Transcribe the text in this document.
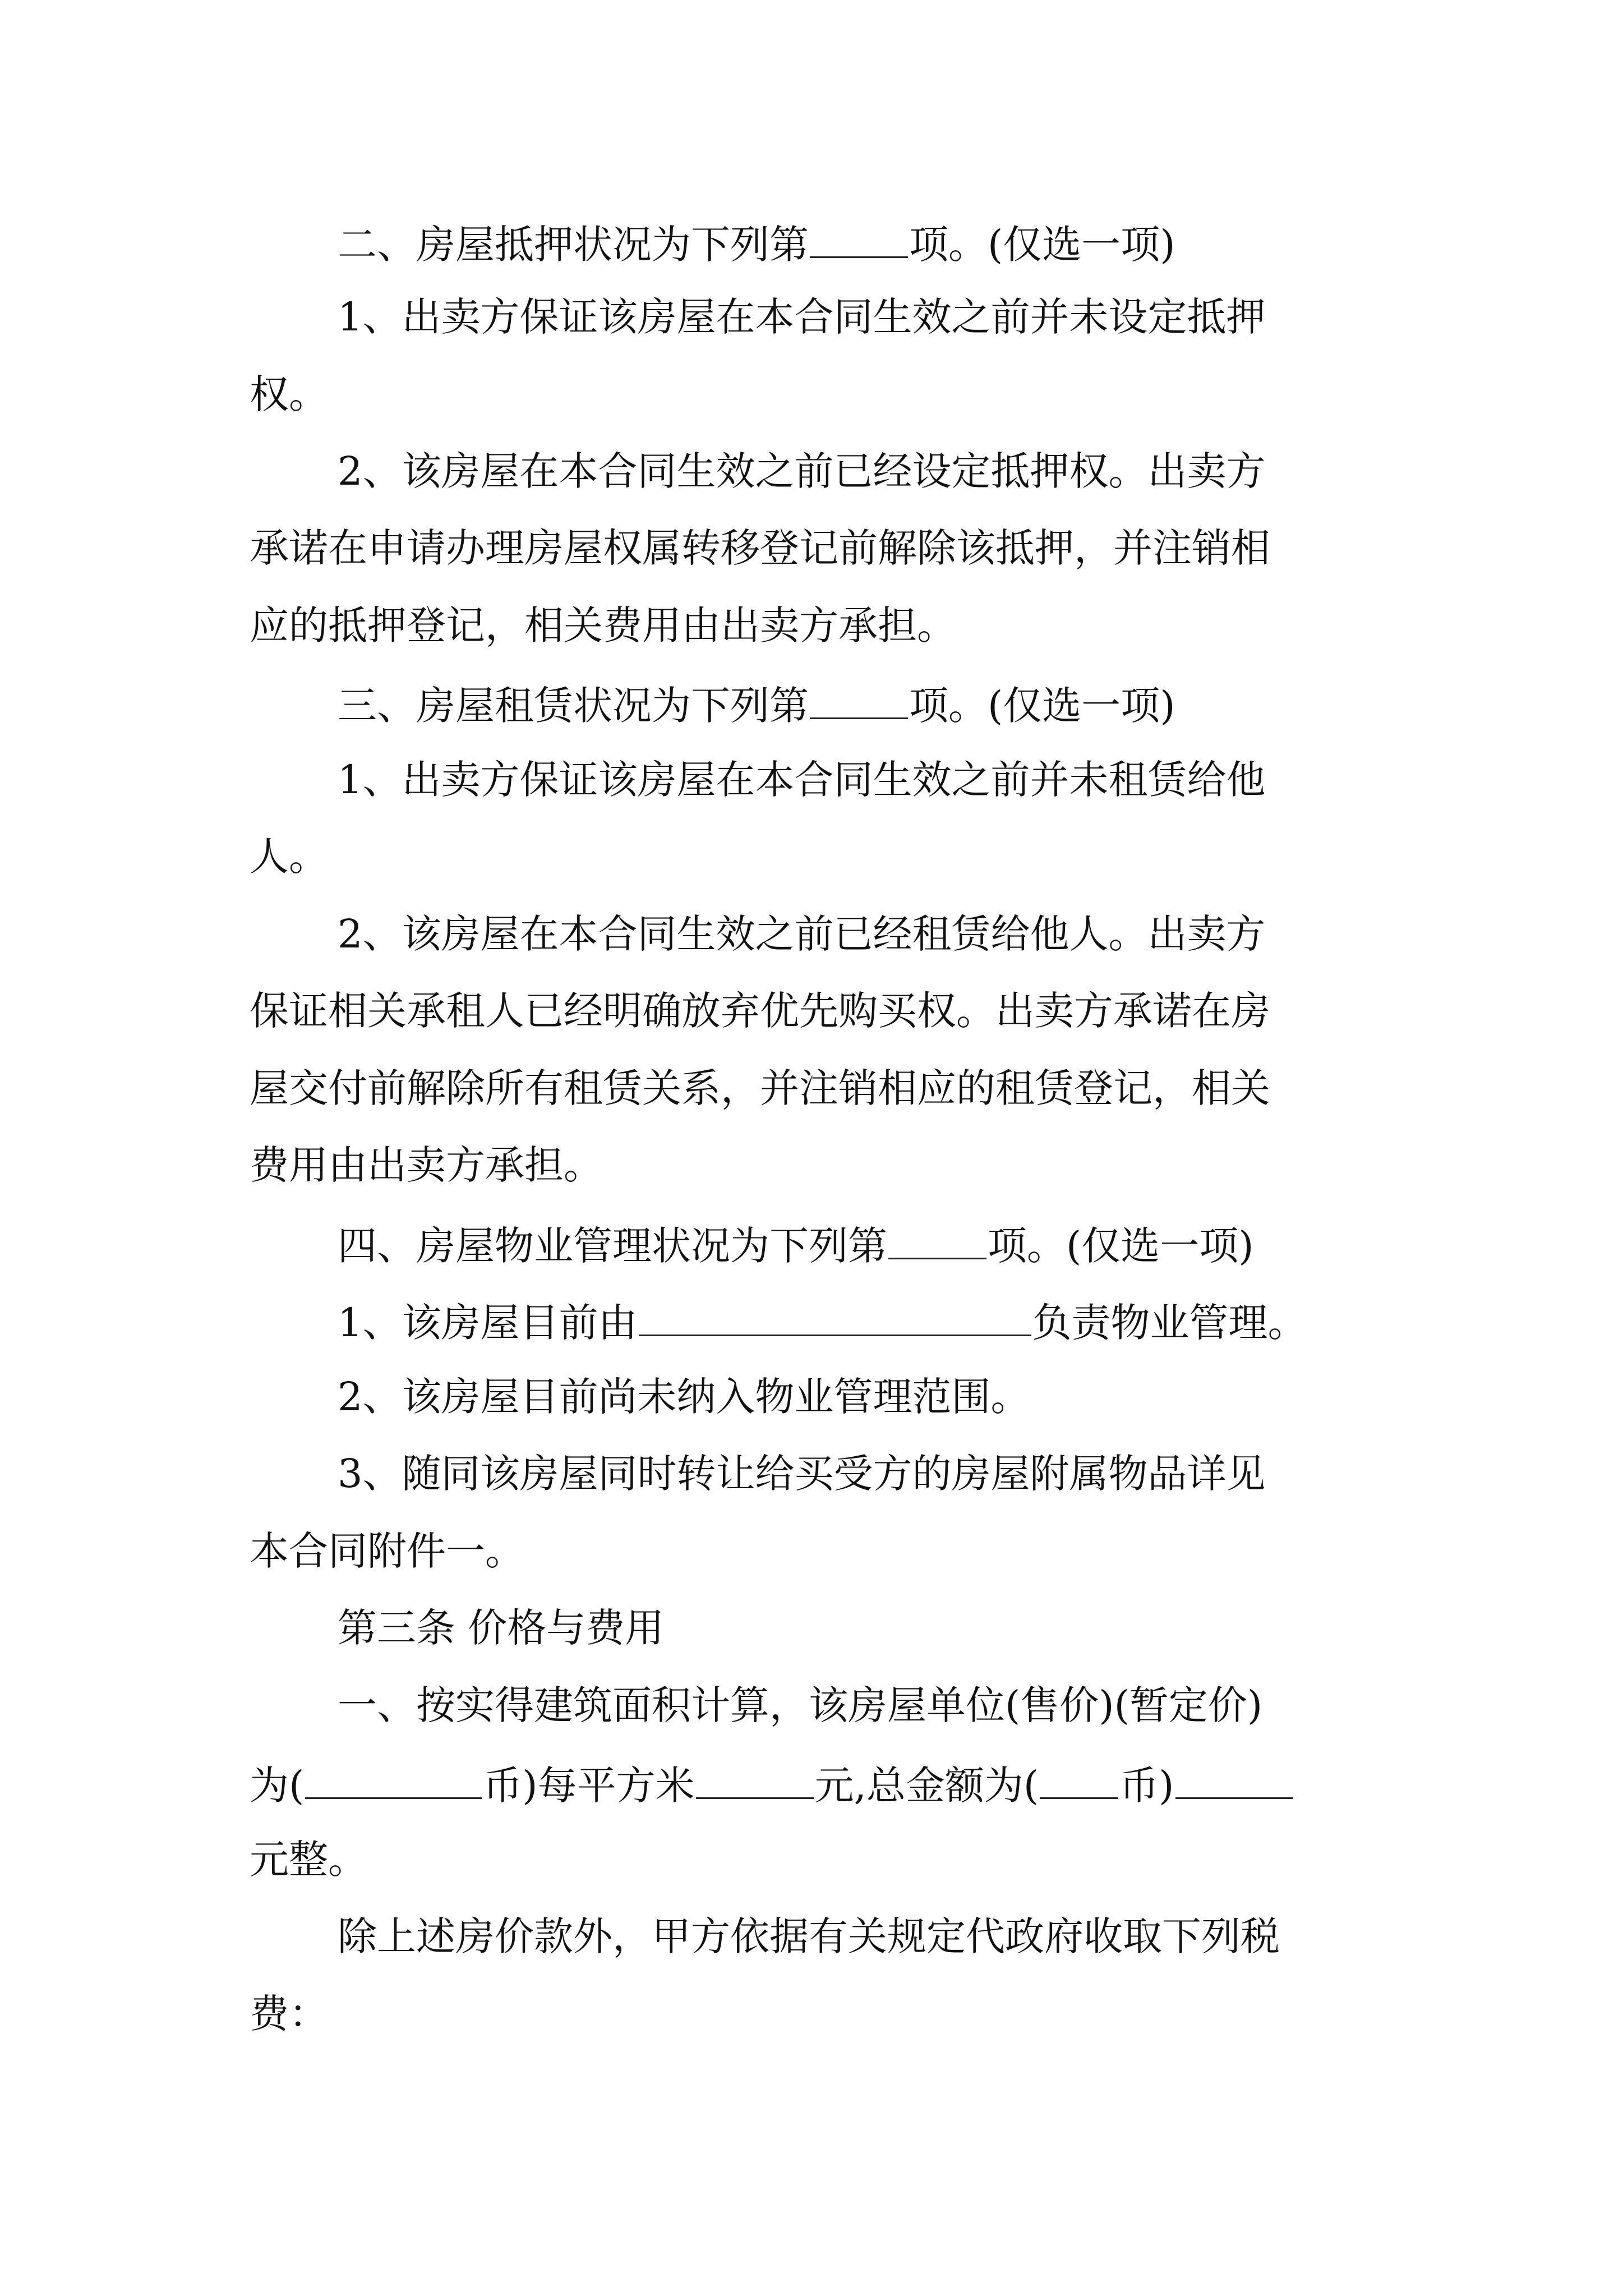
二、房屋抵押状况为下列第	项。(仅选一项)
1、出卖方保证该房屋在本合同生效之前并未设定抵押
权。
2、该房屋在本合同生效之前已经设定抵押权。出卖方
承诺在申请办理房屋权属转移登记前解除该抵押，并注销相
应的抵押登记，相关费用由出卖方承担。
三、房屋租赁状况为下列第	项。(仅选一项)
1、出卖方保证该房屋在本合同生效之前并未租赁给他
人。
2、该房屋在本合同生效之前已经租赁给他人。出卖方
保证相关承租人已经明确放弃优先购买权。出卖方承诺在房
屋交付前解除所有租赁关系，并注销相应的租赁登记，相关
费用由出卖方承担。
四、房屋物业管理状况为下列第	项。(仅选一项)
1、该房屋目前由	负责物业管理。
2、该房屋目前尚未纳入物业管理范围。
3、随同该房屋同时转让给买受方的房屋附属物品详见
本合同附件一。
第三条 价格与费用
一、按实得建筑面积计算，该房屋单位(售价)(暂定价)
为(	币)每平方米	元,总金额为( 币)
元整。
除上述房价款外，甲方依据有关规定代政府收取下列税
费：
